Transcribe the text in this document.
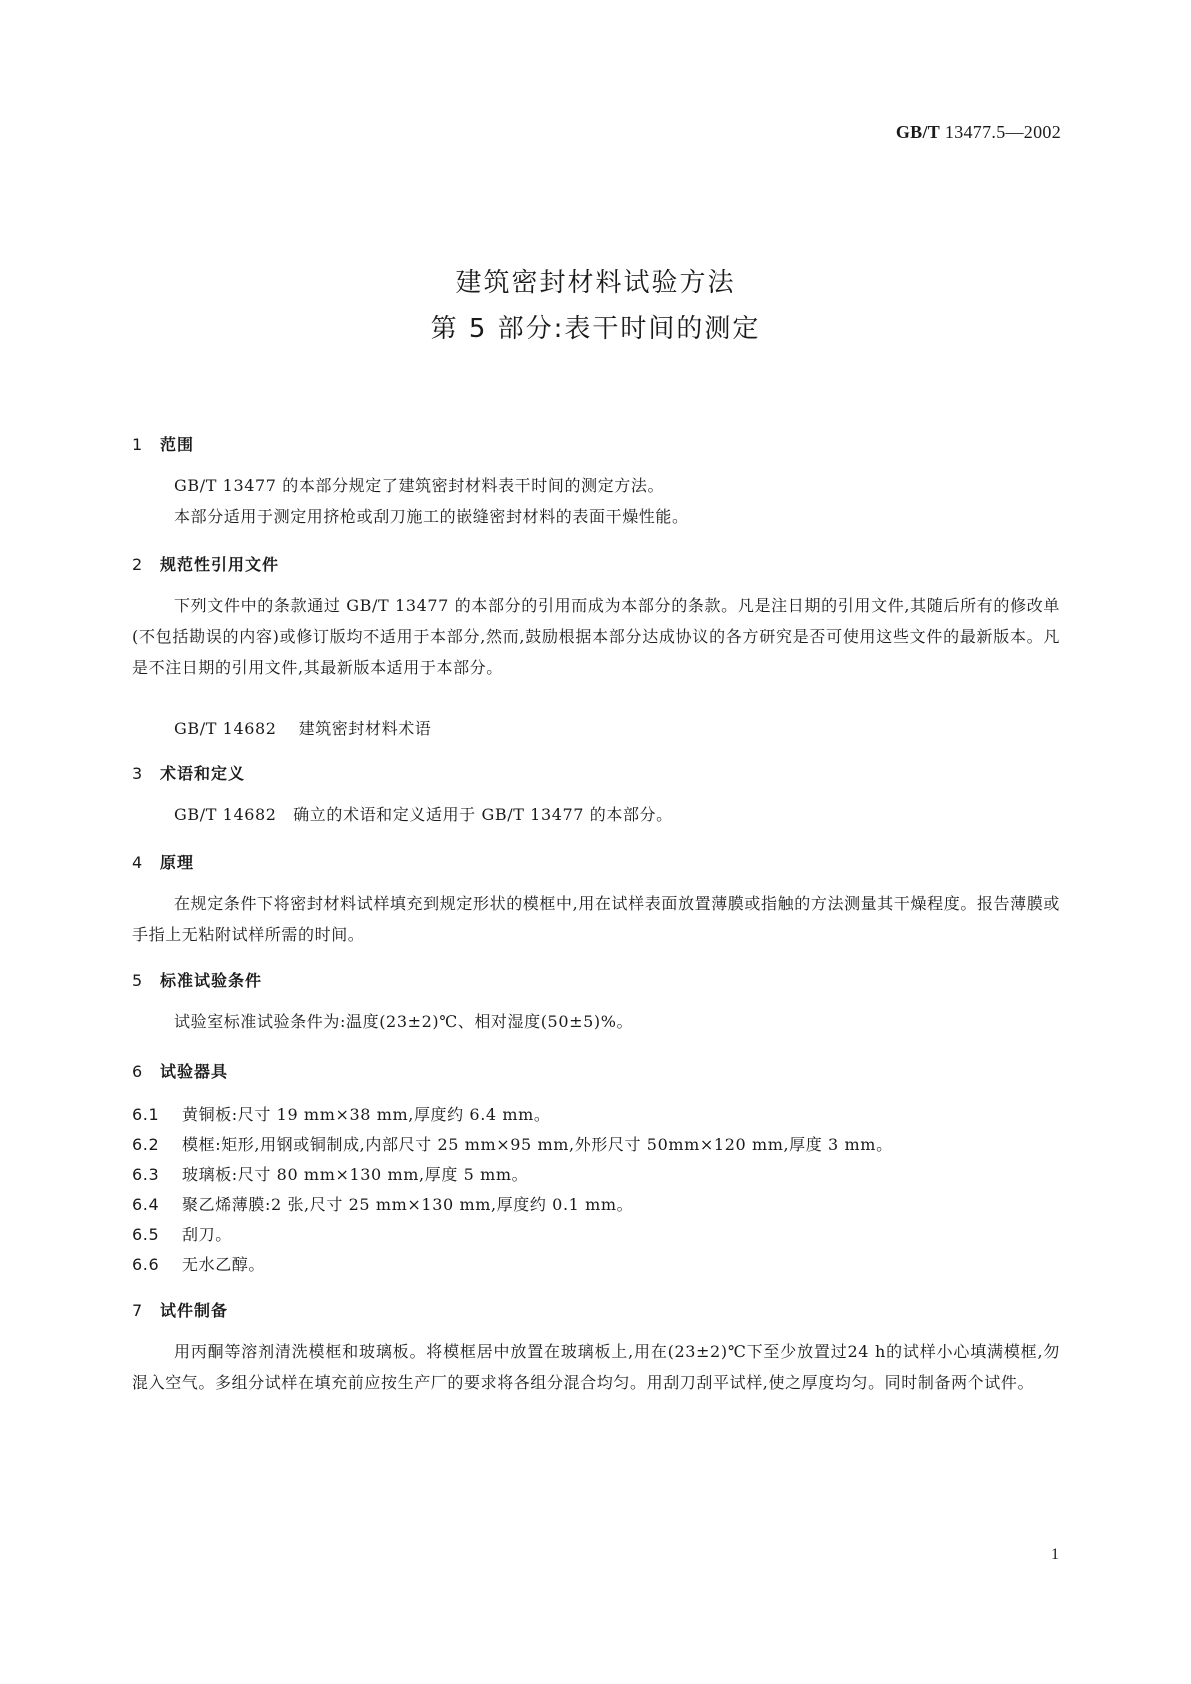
GB/T 13477.5—2002
建筑密封材料试验方法
第 5 部分:表干时间的测定
1 范围
GB/T 13477 的本部分规定了建筑密封材料表干时间的测定方法。
本部分适用于测定用挤枪或刮刀施工的嵌缝密封材料的表面干燥性能。
2 规范性引用文件
下列文件中的条款通过 GB/T 13477 的本部分的引用而成为本部分的条款。凡是注日期的引用文件,其随后所有的修改单(不包括勘误的内容)或修订版均不适用于本部分,然而,鼓励根据本部分达成协议的各方研究是否可使用这些文件的最新版本。凡是不注日期的引用文件,其最新版本适用于本部分。
GB/T 14682 建筑密封材料术语
3 术语和定义
GB/T 14682　确立的术语和定义适用于 GB/T 13477 的本部分。
4 原理
在规定条件下将密封材料试样填充到规定形状的模框中,用在试样表面放置薄膜或指触的方法测量其干燥程度。报告薄膜或手指上无粘附试样所需的时间。
5 标准试验条件
试验室标准试验条件为:温度(23±2)℃、相对湿度(50±5)%。
6 试验器具
6.1 黄铜板:尺寸 19 mm×38 mm,厚度约 6.4 mm。
6.2 模框:矩形,用钢或铜制成,内部尺寸 25 mm×95 mm,外形尺寸 50mm×120 mm,厚度 3 mm。
6.3 玻璃板:尺寸 80 mm×130 mm,厚度 5 mm。
6.4 聚乙烯薄膜:2 张,尺寸 25 mm×130 mm,厚度约 0.1 mm。
6.5 刮刀。
6.6 无水乙醇。
7 试件制备
用丙酮等溶剂清洗模框和玻璃板。将模框居中放置在玻璃板上,用在(23±2)℃下至少放置过24 h的试样小心填满模框,勿混入空气。多组分试样在填充前应按生产厂的要求将各组分混合均匀。用刮刀刮平试样,使之厚度均匀。同时制备两个试件。
1
